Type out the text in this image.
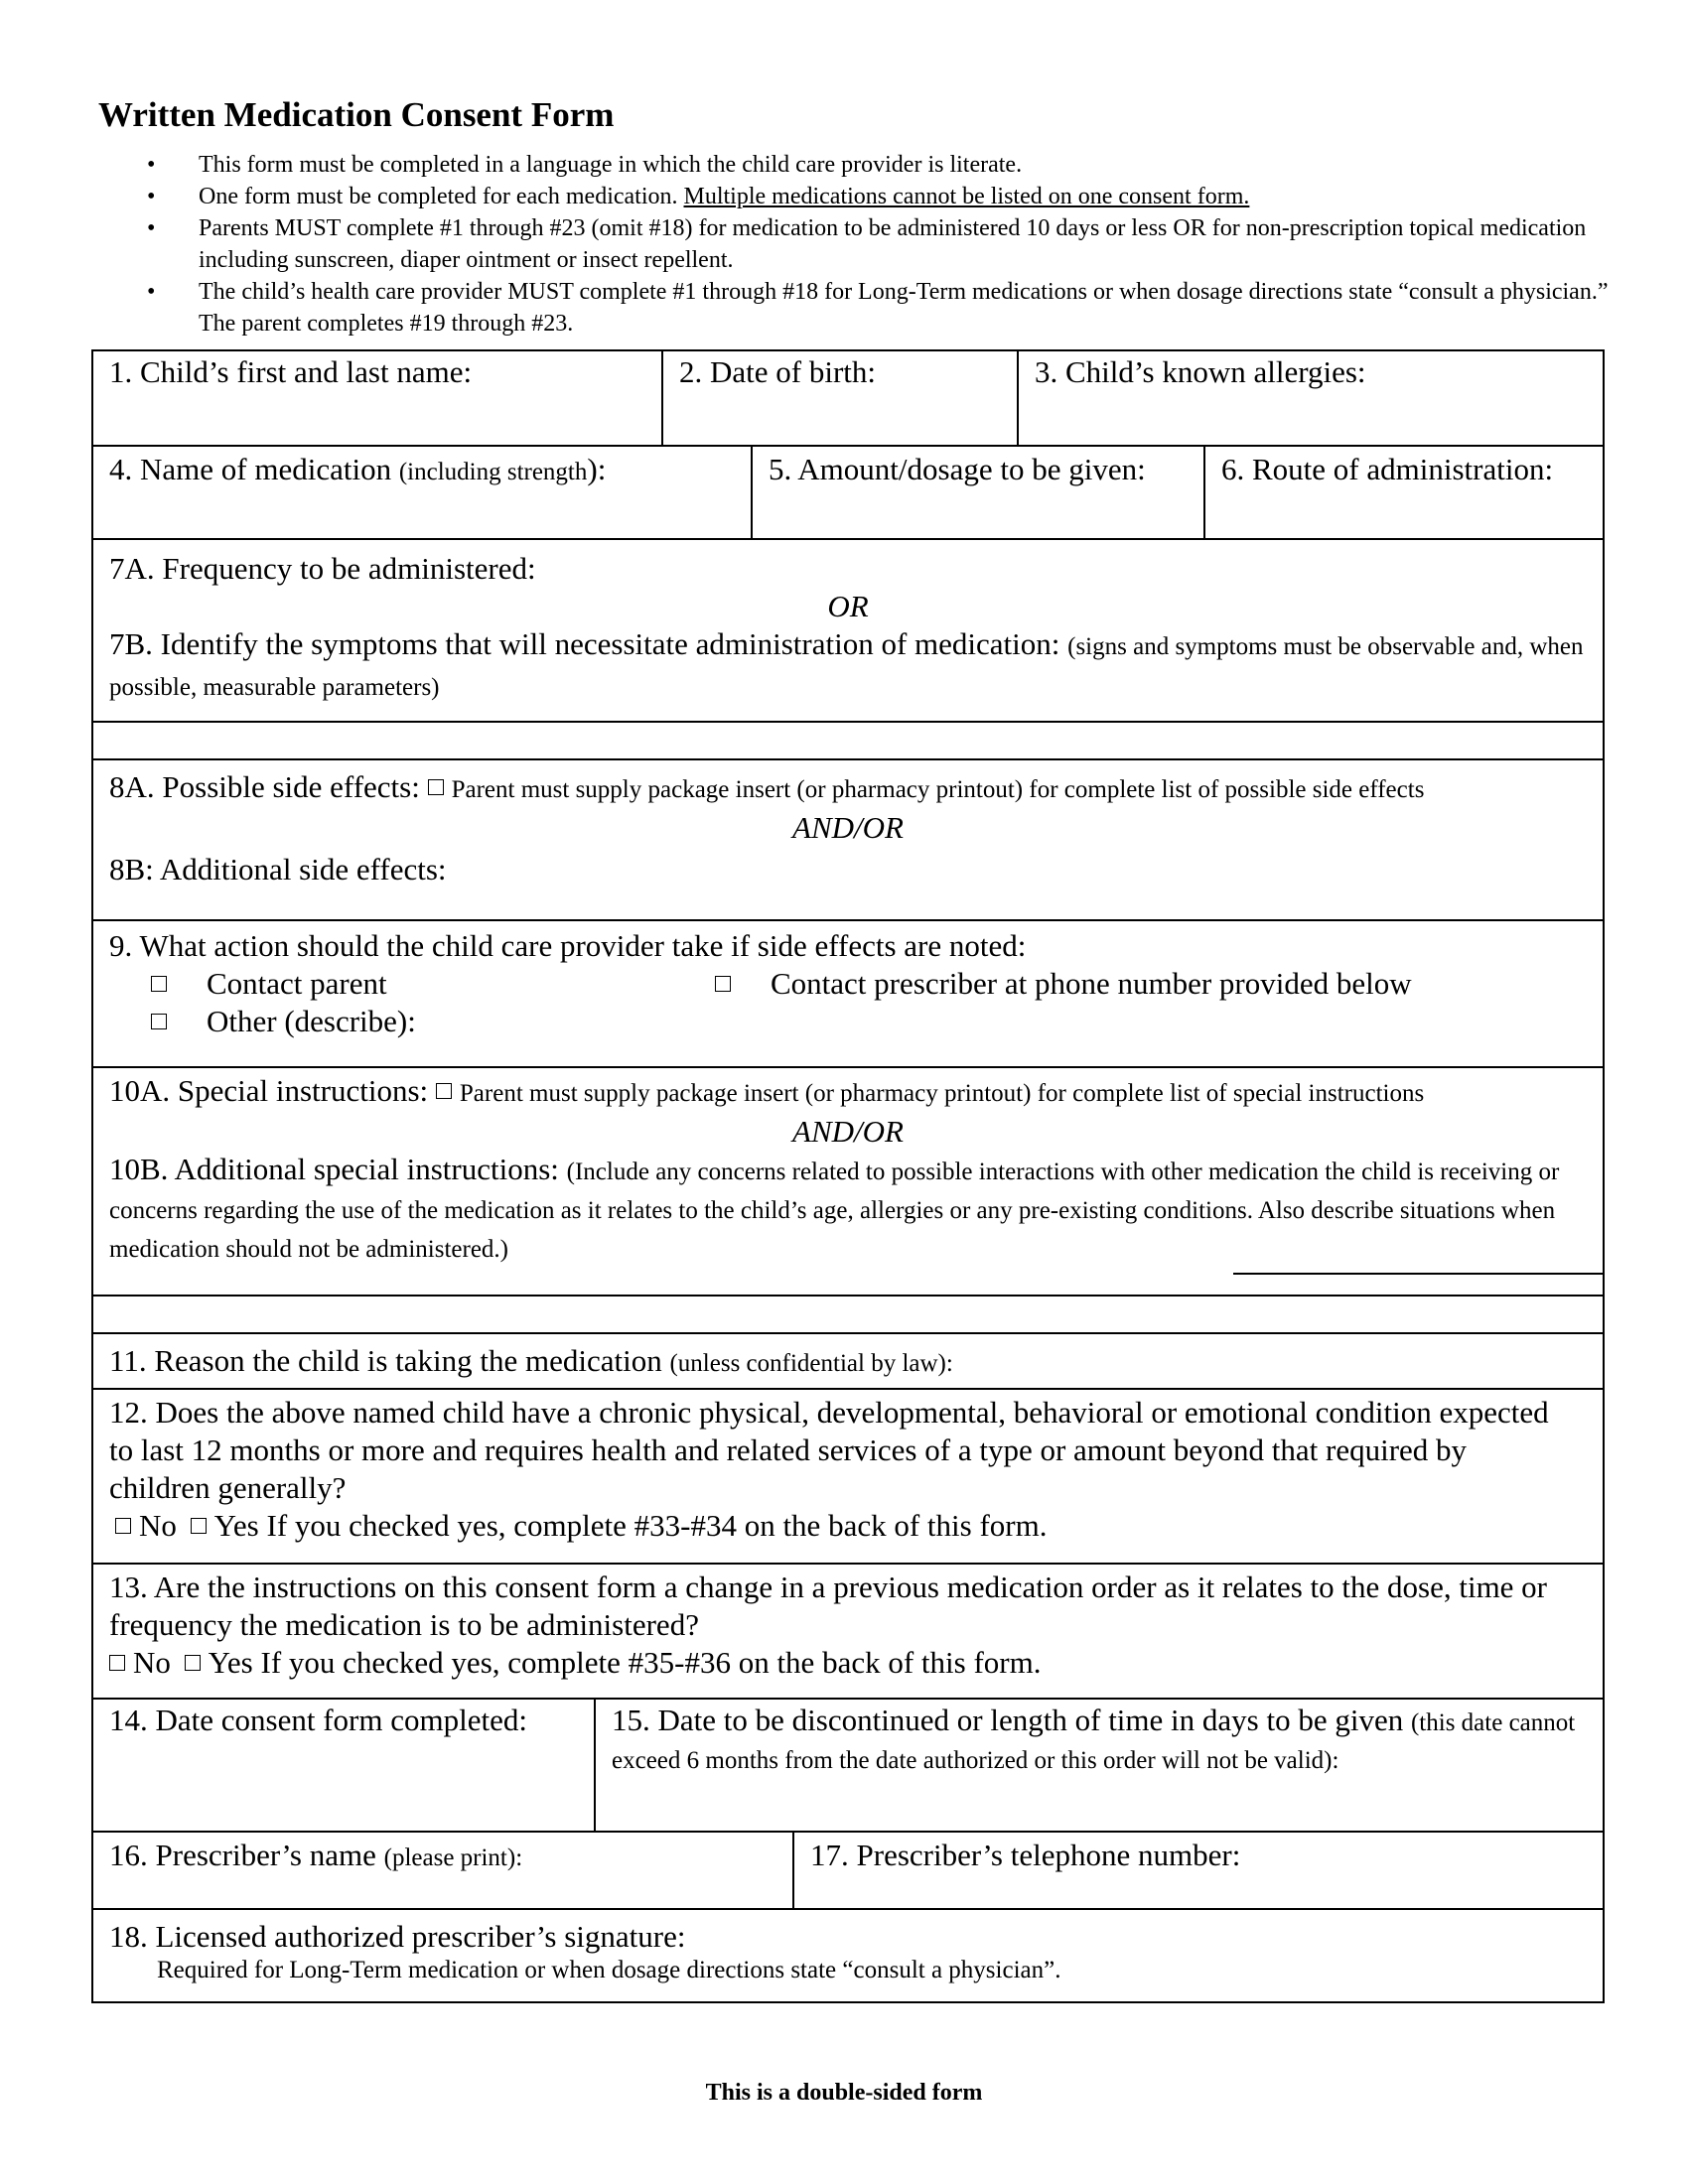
Written Medication Consent Form
• This form must be completed in a language in which the child care provider is literate.
• One form must be completed for each medication. Multiple medications cannot be listed on one consent form.
• Parents MUST complete #1 through #23 (omit #18) for medication to be administered 10 days or less OR for non-prescription topical medication including sunscreen, diaper ointment or insect repellent.
• The child’s health care provider MUST complete #1 through #18 for Long-Term medications or when dosage directions state “consult a physician.” The parent completes #19 through #23.
1. Child’s first and last name:	2. Date of birth:	3. Child’s known allergies:
4. Name of medication (including strength):	5. Amount/dosage to be given:	6. Route of administration:
7A. Frequency to be administered:
OR
7B. Identify the symptoms that will necessitate administration of medication: (signs and symptoms must be observable and, when possible, measurable parameters)
8A. Possible side effects: Parent must supply package insert (or pharmacy printout) for complete list of possible side effects
AND/OR
8B: Additional side effects:
9. What action should the child care provider take if side effects are noted:
Contact parent	Contact prescriber at phone number provided below
Other (describe):
10A. Special instructions: Parent must supply package insert (or pharmacy printout) for complete list of special instructions
AND/OR
10B. Additional special instructions: (Include any concerns related to possible interactions with other medication the child is receiving or concerns regarding the use of the medication as it relates to the child’s age, allergies or any pre-existing conditions. Also describe situations when medication should not be administered.)
11. Reason the child is taking the medication (unless confidential by law):
12. Does the above named child have a chronic physical, developmental, behavioral or emotional condition expected to last 12 months or more and requires health and related services of a type or amount beyond that required by children generally?
No Yes If you checked yes, complete #33-#34 on the back of this form.
13. Are the instructions on this consent form a change in a previous medication order as it relates to the dose, time or frequency the medication is to be administered?
No Yes If you checked yes, complete #35-#36 on the back of this form.
14. Date consent form completed:	15. Date to be discontinued or length of time in days to be given (this date cannot exceed 6 months from the date authorized or this order will not be valid):
16. Prescriber’s name (please print):	17. Prescriber’s telephone number:
18. Licensed authorized prescriber’s signature:
Required for Long-Term medication or when dosage directions state “consult a physician”.
This is a double-sided form
